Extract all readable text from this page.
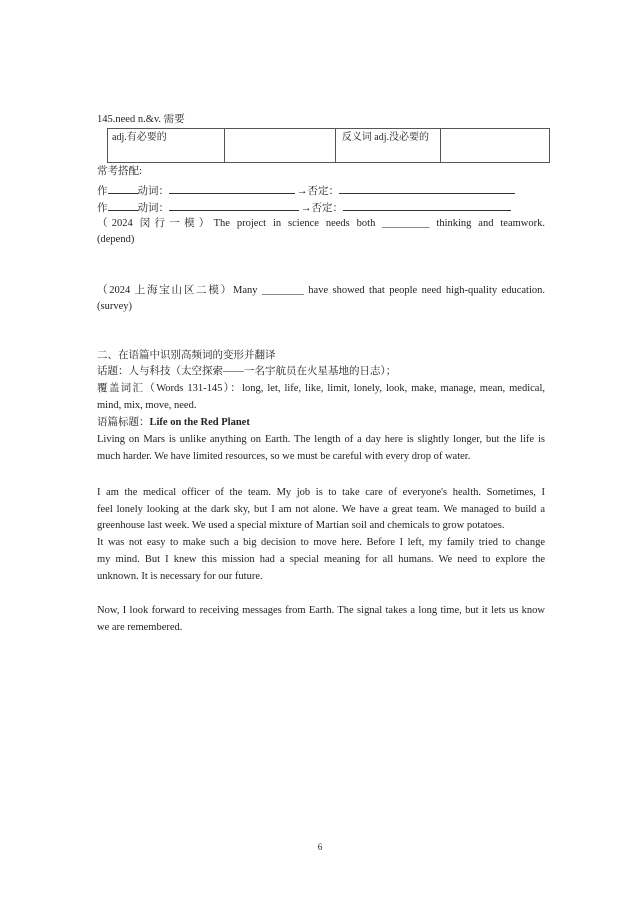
145.need n.&v. 需要
adj.有必要的		反义词 adj.没必要的	
常考搭配:
作	动词：	→否定：
作	动词：	→否定：
（2024 闵行一模）The project in science needs both _________ thinking and teamwork.
(depend)
（2024 上海宝山区二模）Many ________ have showed that people need high-quality education.
(survey)
二、在语篇中识别高频词的变形并翻译
话题：人与科技（太空探索——一名宇航员在火星基地的日志）；
覆盖词汇（Words 131-145）：long, let, life, like, limit, lonely, look, make, manage, mean, medical,
mind, mix, move, need.
语篇标题：Life on the Red Planet
Living on Mars is unlike anything on Earth. The length of a day here is slightly longer, but the life is
much harder. We have limited resources, so we must be careful with every drop of water.
I am the medical officer of the team. My job is to take care of everyone's health. Sometimes, I
feel lonely looking at the dark sky, but I am not alone. We have a great team. We managed to build a
greenhouse last week. We used a special mixture of Martian soil and chemicals to grow potatoes.
It was not easy to make such a big decision to move here. Before I left, my family tried to change
my mind. But I knew this mission had a special meaning for all humans. We need to explore the
unknown. It is necessary for our future.
Now, I look forward to receiving messages from Earth. The signal takes a long time, but it lets us know
we are remembered.
6
